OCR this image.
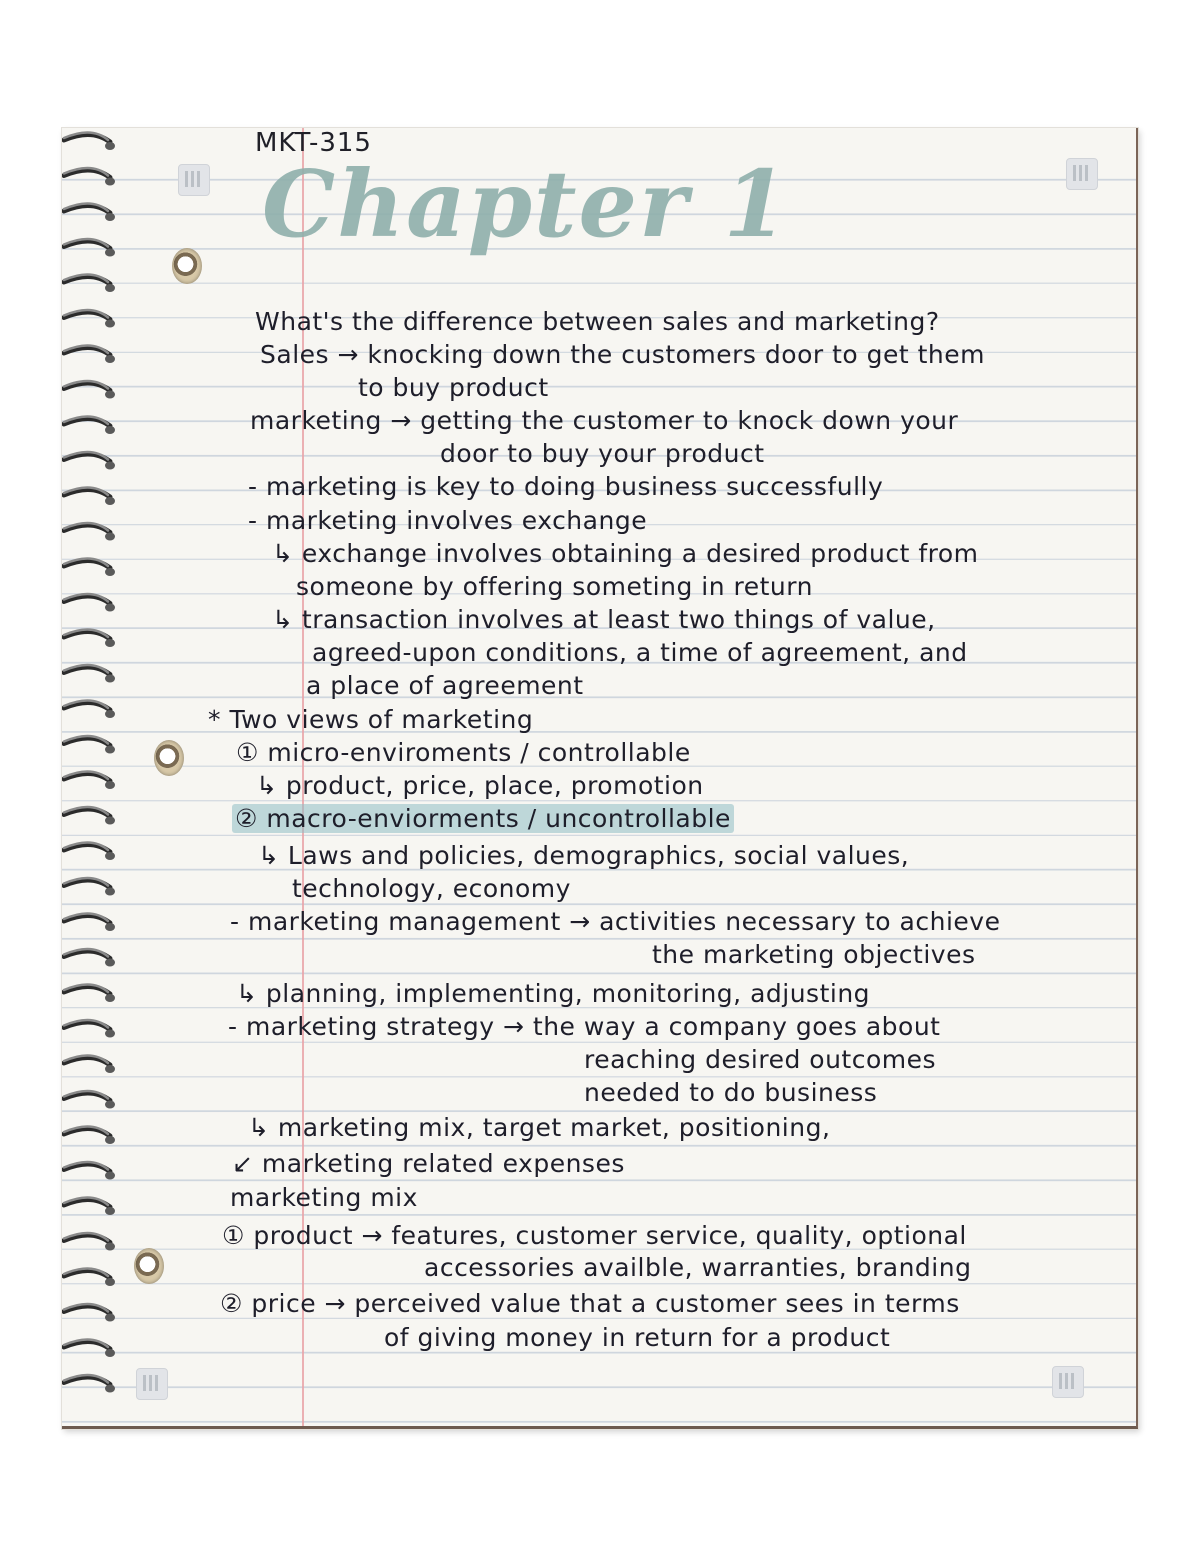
MKT-315
Chapter 1

What's the difference between sales and marketing?

Sales → knocking down the customers door to get them

to buy product

marketing → getting the customer to knock down your

door to buy your product

- marketing is key to doing business successfully

- marketing involves exchange

↳ exchange involves obtaining a desired product from

someone by offering someting in return

↳ transaction involves at least two things of value,

agreed-upon conditions, a time of agreement, and

a place of agreement

* Two views of marketing

① micro-enviroments / controllable

↳ product, price, place, promotion

② macro-enviorments / uncontrollable

↳ Laws and policies, demographics, social values,

technology, economy

- marketing management → activities necessary to achieve

the marketing objectives

↳ planning, implementing, monitoring, adjusting

- marketing strategy → the way a company goes about

reaching desired outcomes

needed to do business

↳ marketing mix, target market, positioning,

↙ marketing related expenses

marketing mix

① product → features, customer service, quality, optional

accessories availble, warranties, branding

② price → perceived value that a customer sees in terms

of giving money in return for a product
